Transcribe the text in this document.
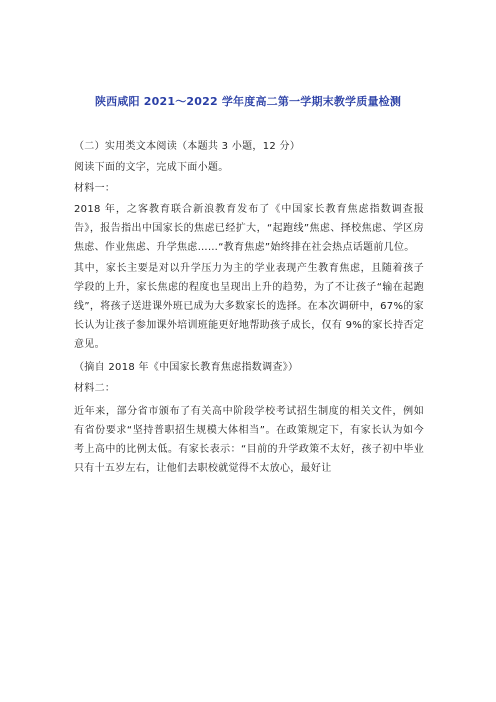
陕西咸阳 2021～2022 学年度高二第一学期末教学质量检测

（二）实用类文本阅读（本题共 3 小题，12 分）

阅读下面的文字，完成下面小题。

材料一：

2018 年，之客教育联合新浪教育发布了《中国家长教育焦虑指数调查报告》，报告指出中国家长的焦虑已经扩大，“起跑线”焦虑、择校焦虑、学区房焦虑、作业焦虑、升学焦虑……“教育焦虑”始终排在社会热点话题前几位。

其中，家长主要是对以升学压力为主的学业表现产生教育焦虑，且随着孩子学段的上升，家长焦虑的程度也呈现出上升的趋势，为了不让孩子“输在起跑线”，将孩子送进课外班已成为大多数家长的选择。在本次调研中，67%的家长认为让孩子参加课外培训班能更好地帮助孩子成长，仅有 9%的家长持否定意见。

（摘自 2018 年《中国家长教育焦虑指数调查》）

材料二：

近年来，部分省市颁布了有关高中阶段学校考试招生制度的相关文件，例如有省份要求“坚持普职招生规模大体相当”。在政策规定下，有家长认为如今考上高中的比例太低。有家长表示：“目前的升学政策不太好，孩子初中毕业只有十五岁左右，让他们去职校就觉得不太放心，最好让
